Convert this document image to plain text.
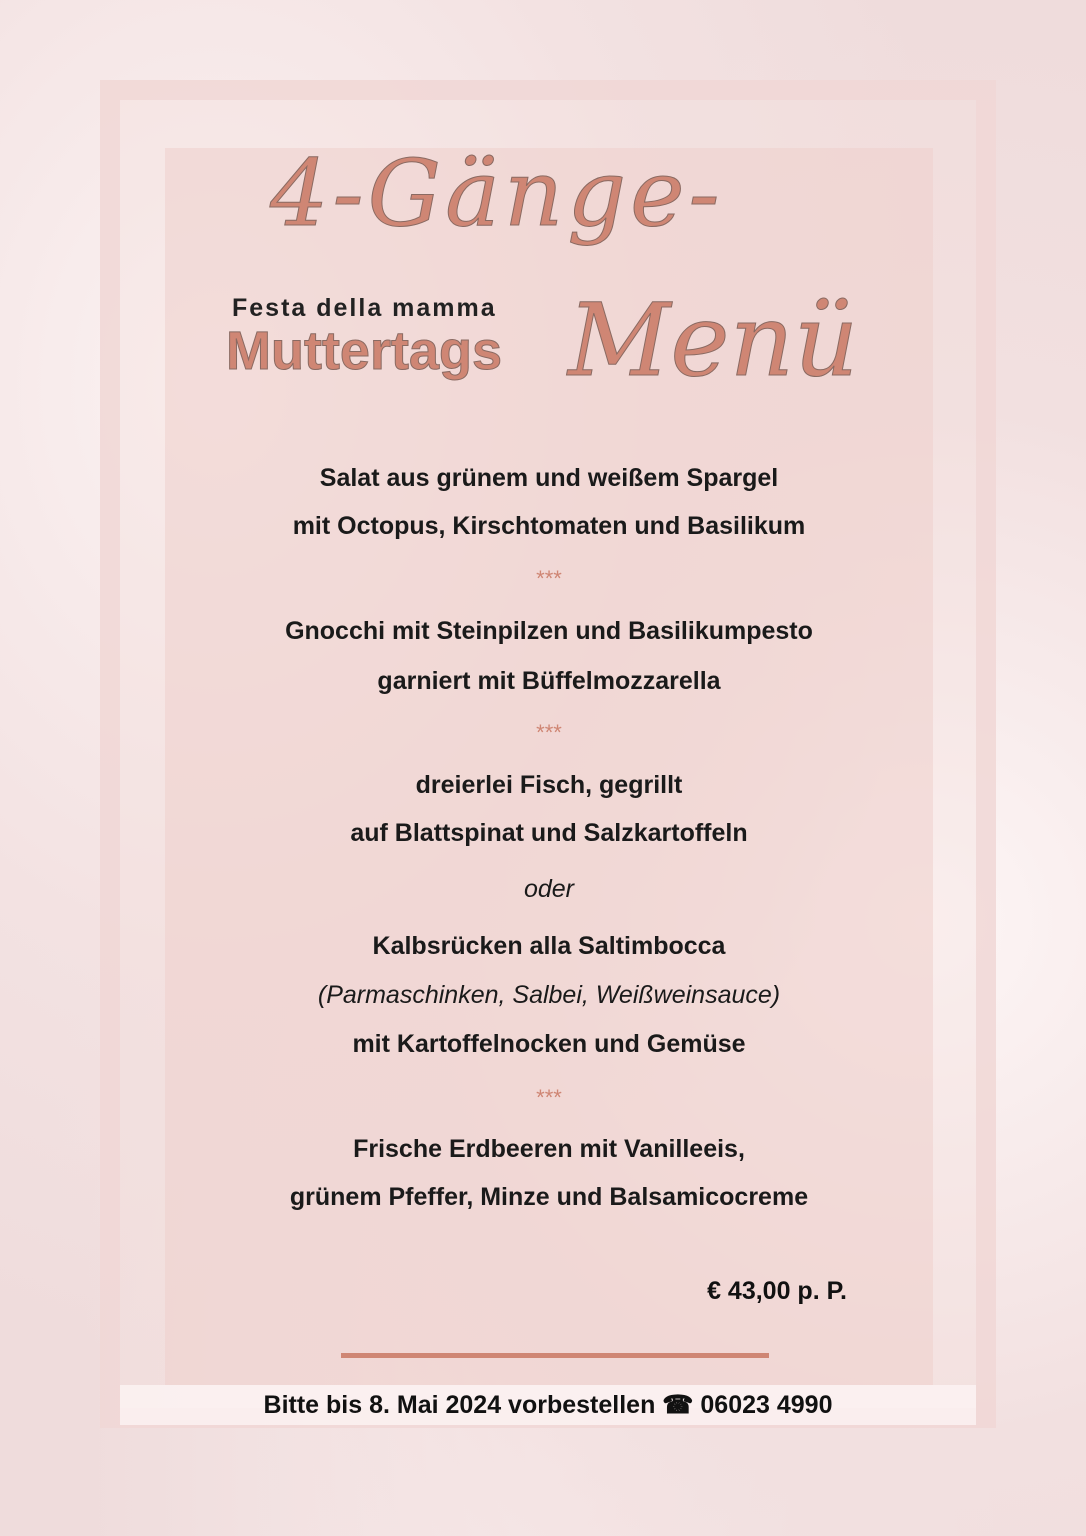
4-Gänge-
Festa della mamma
Muttertags Menü
Salat aus grünem und weißem Spargel
mit Octopus, Kirschtomaten und Basilikum
***
Gnocchi mit Steinpilzen und Basilikumpesto
garniert mit Büffelmozzarella
***
dreierlei Fisch, gegrillt
auf Blattspinat und Salzkartoffeln
oder
Kalbsrücken alla Saltimbocca
(Parmaschinken, Salbei, Weißweinsauce)
mit Kartoffelnocken und Gemüse
***
Frische Erdbeeren mit Vanilleeis,
grünem Pfeffer, Minze und Balsamicocreme
€ 43,00 p. P.
Bitte bis 8. Mai 2024 vorbestellen ☎ 06023 4990
